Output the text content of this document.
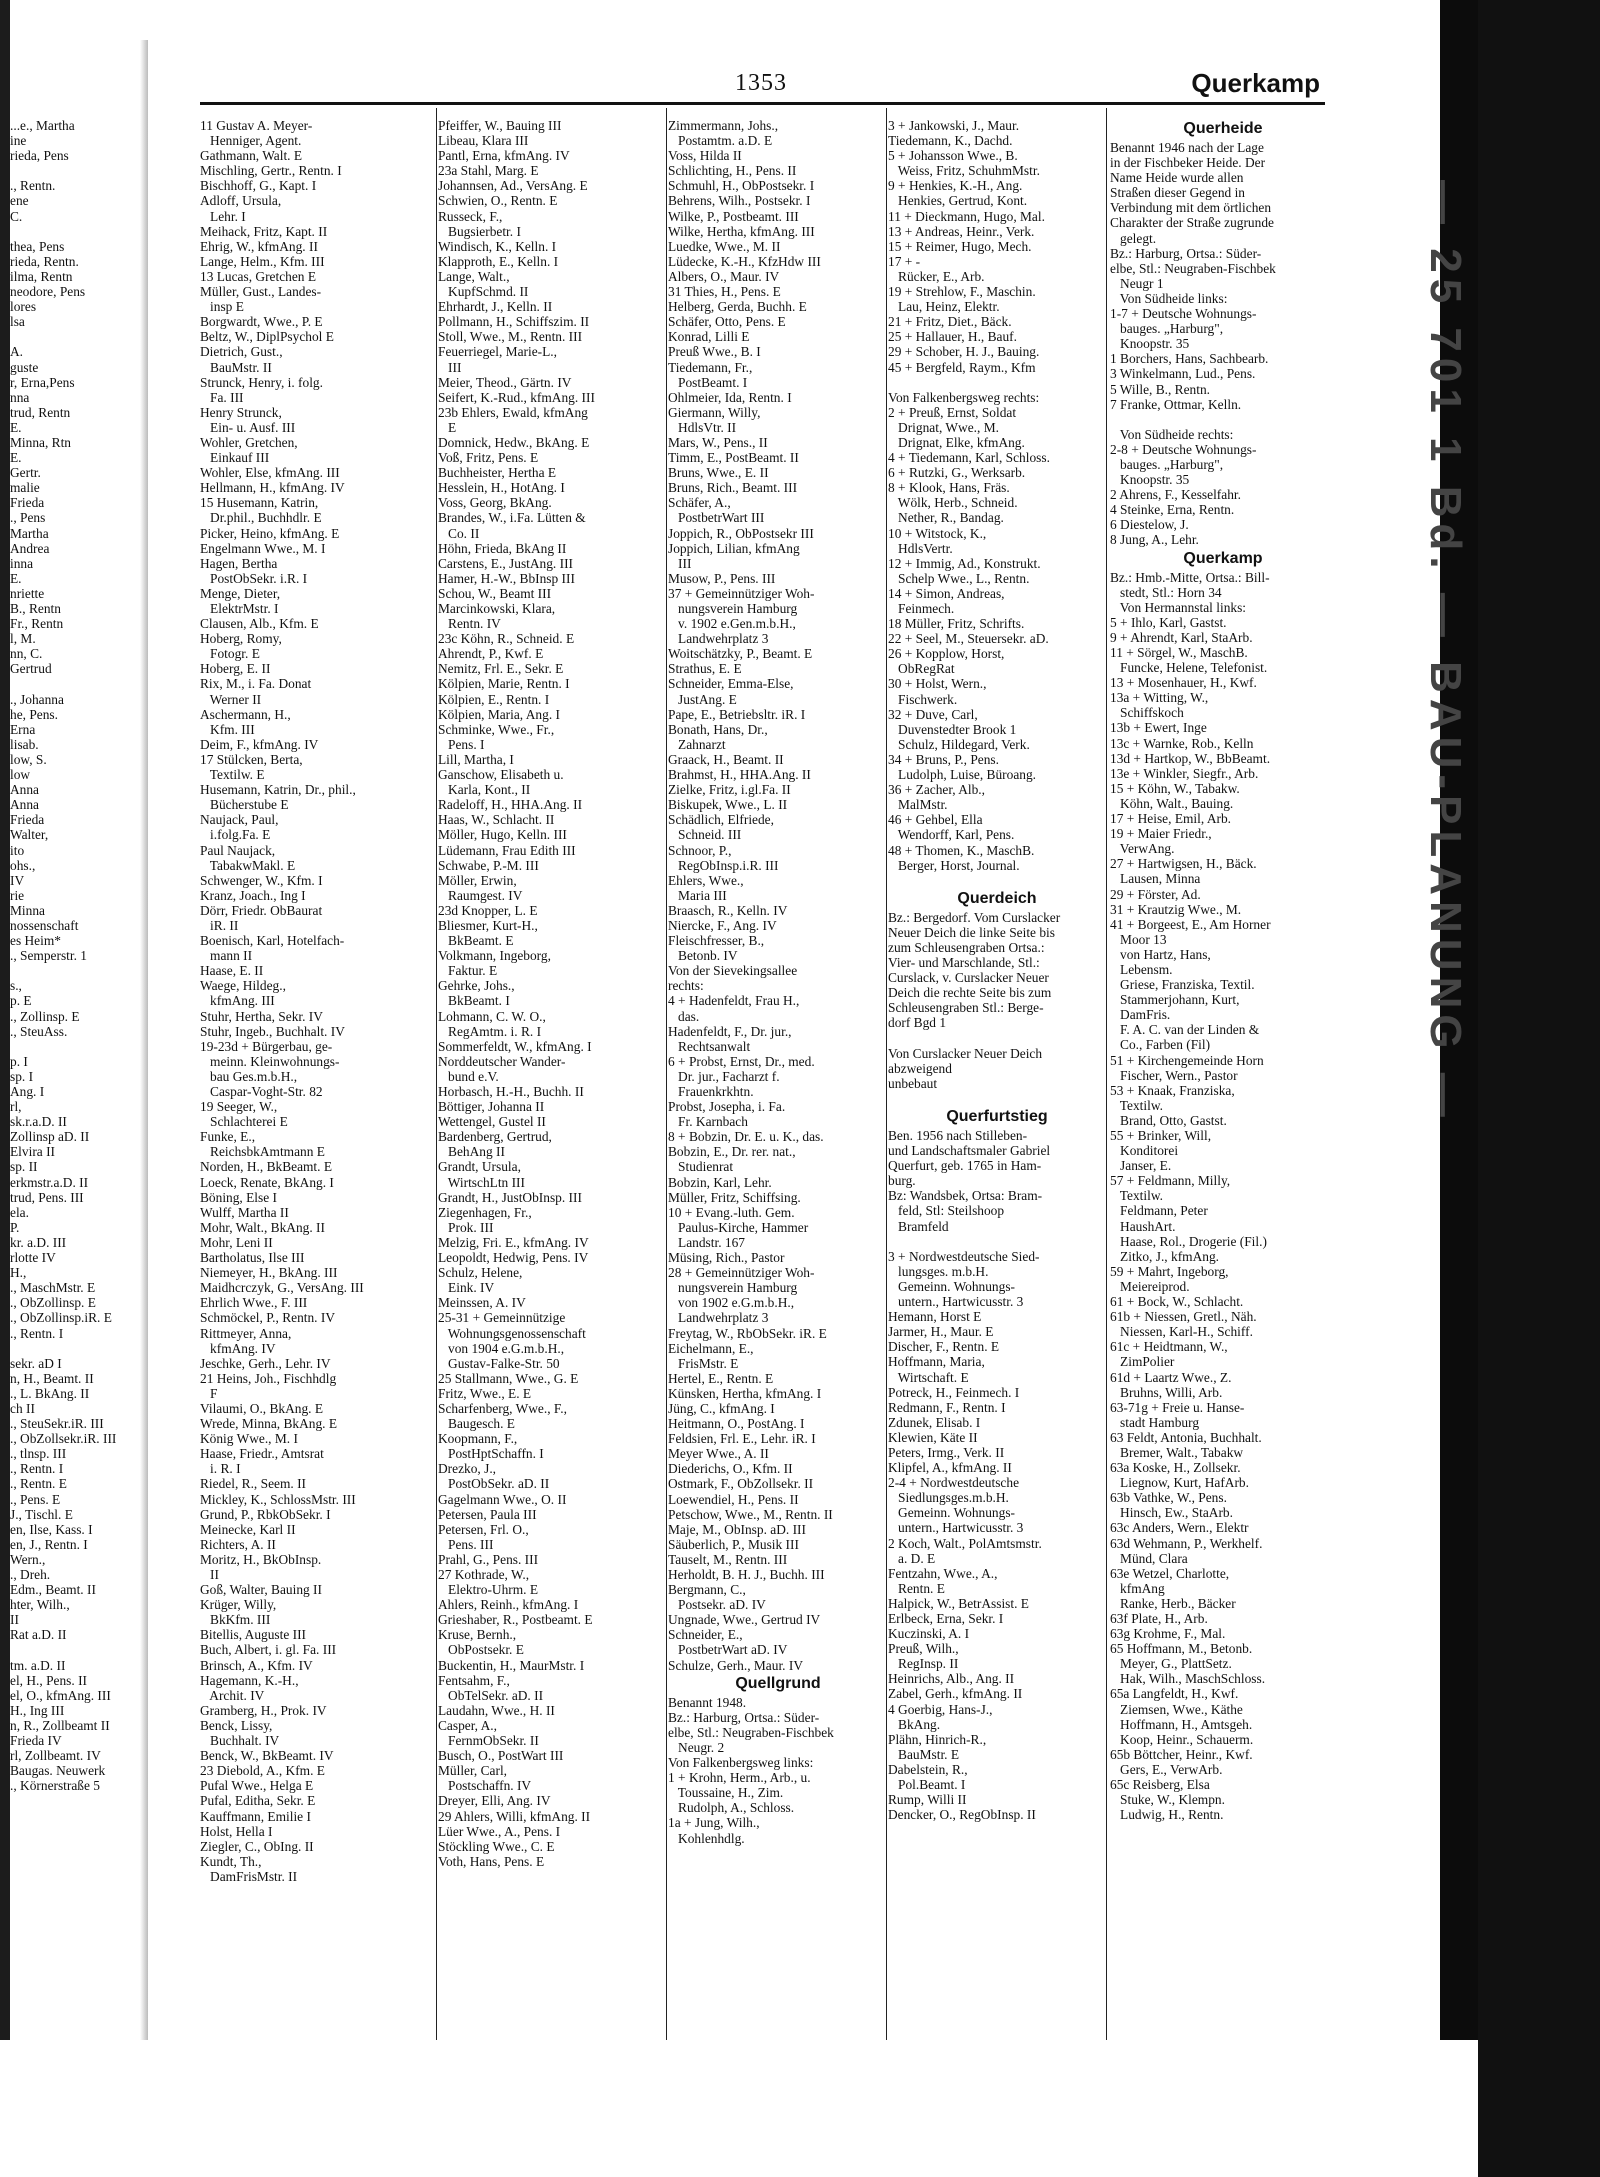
— 25 701 1 Bd. — BAU-PLANUNG —
1353	Querkamp
...e., Martha
ine
rieda, Pens
., Rentn.
ene
C.
thea, Pens
rieda, Rentn.
ilma, Rentn
neodore, Pens
lores
lsa
A.
guste
r, Erna,Pens
nna
trud, Rentn
E.
Minna, Rtn
E.
Gertr.
malie
Frieda
., Pens
Martha
Andrea
inna
E.
nriette
B., Rentn
Fr., Rentn
l, M.
nn, C.
Gertrud
., Johanna
he, Pens.
Erna
lisab.
low, S.
low
Anna
Anna
Frieda
Walter,
ito
ohs.,
IV
rie
Minna
nossenschaft
es Heim*
., Semperstr. 1
s.,
p. E
., Zollinsp. E
., SteuAss.
p. I
sp. I
Ang. I
rl,
sk.r.a.D. II
Zollinsp aD. II
Elvira II
sp. II
erkmstr.a.D. II
trud, Pens. III
ela.
P.
kr. a.D. III
rlotte IV
H.,
., MaschMstr. E
., ObZollinsp. E
., ObZollinsp.iR. E
., Rentn. I
sekr. aD I
n, H., Beamt. II
., L. BkAng. II
ch II
., SteuSekr.iR. III
., ObZollsekr.iR. III
., tlnsp. III
., Rentn. I
., Rentn. E
., Pens. E
J., Tischl. E
en, Ilse, Kass. I
en, J., Rentn. I
Wern.,
., Dreh.
Edm., Beamt. II
hter, Wilh.,
II
Rat a.D. II
tm. a.D. II
el, H., Pens. II
el, O., kfmAng. III
H., Ing III
n, R., Zollbeamt II
Frieda IV
rl, Zollbeamt. IV
Baugas. Neuwerk
., Körnerstraße 5
11 Gustav A. Meyer-
Henniger, Agent.
Gathmann, Walt. E
Mischling, Gertr., Rentn. I
Bischhoff, G., Kapt. I
Adloff, Ursula,
Lehr. I
Meihack, Fritz, Kapt. II
Ehrig, W., kfmAng. II
Lange, Helm., Kfm. III
13 Lucas, Gretchen E
Müller, Gust., Landes-
insp E
Borgwardt, Wwe., P. E
Beltz, W., DiplPsychol E
Dietrich, Gust.,
BauMstr. II
Strunck, Henry, i. folg.
Fa. III
Henry Strunck,
Ein- u. Ausf. III
Wohler, Gretchen,
Einkauf III
Wohler, Else, kfmAng. III
Hellmann, H., kfmAng. IV
15 Husemann, Katrin,
Dr.phil., Buchhdlr. E
Picker, Heino, kfmAng. E
Engelmann Wwe., M. I
Hagen, Bertha
PostObSekr. i.R. I
Menge, Dieter,
ElektrMstr. I
Clausen, Alb., Kfm. E
Hoberg, Romy,
Fotogr. E
Hoberg, E. II
Rix, M., i. Fa. Donat
Werner II
Aschermann, H.,
Kfm. III
Deim, F., kfmAng. IV
17 Stülcken, Berta,
Textilw. E
Husemann, Katrin, Dr., phil.,
Bücherstube E
Naujack, Paul,
i.folg.Fa. E
Paul Naujack,
TabakwMakl. E
Schwenger, W., Kfm. I
Kranz, Joach., Ing I
Dörr, Friedr. ObBaurat
iR. II
Boenisch, Karl, Hotelfach-
mann II
Haase, E. II
Waege, Hildeg.,
kfmAng. III
Stuhr, Hertha, Sekr. IV
Stuhr, Ingeb., Buchhalt. IV
19-23d + Bürgerbau, ge-
meinn. Kleinwohnungs-
bau Ges.m.b.H.,
Caspar-Voght-Str. 82
19 Seeger, W.,
Schlachterei E
Funke, E.,
ReichsbkAmtmann E
Norden, H., BkBeamt. E
Loeck, Renate, BkAng. I
Böning, Else I
Wulff, Martha II
Mohr, Walt., BkAng. II
Mohr, Leni II
Bartholatus, Ilse III
Niemeyer, H., BkAng. III
Maidhcrczyk, G., VersAng. III
Ehrlich Wwe., F. III
Schmöckel, P., Rentn. IV
Rittmeyer, Anna,
kfmAng. IV
Jeschke, Gerh., Lehr. IV
21 Heins, Joh., Fischhdlg
F
Vilaumi, O., BkAng. E
Wrede, Minna, BkAng. E
König Wwe., M. I
Haase, Friedr., Amtsrat
i. R. I
Riedel, R., Seem. II
Mickley, K., SchlossMstr. III
Grund, P., RbkObSekr. I
Meinecke, Karl II
Richters, A. II
Moritz, H., BkObInsp.
II
Goß, Walter, Bauing II
Krüger, Willy,
BkKfm. III
Bitellis, Auguste III
Buch, Albert, i. gl. Fa. III
Brinsch, A., Kfm. IV
Hagemann, K.-H.,
Archit. IV
Gramberg, H., Prok. IV
Benck, Lissy,
Buchhalt. IV
Benck, W., BkBeamt. IV
23 Diebold, A., Kfm. E
Pufal Wwe., Helga E
Pufal, Editha, Sekr. E
Kauffmann, Emilie I
Holst, Hella I
Ziegler, C., ObIng. II
Kundt, Th.,
DamFrisMstr. II
Pfeiffer, W., Bauing III
Libeau, Klara III
Pantl, Erna, kfmAng. IV
23a Stahl, Marg. E
Johannsen, Ad., VersAng. E
Schwien, O., Rentn. E
Russeck, F.,
Bugsierbetr. I
Windisch, K., Kelln. I
Klapproth, E., Kelln. I
Lange, Walt.,
KupfSchmd. II
Ehrhardt, J., Kelln. II
Pollmann, H., Schiffszim. II
Stoll, Wwe., M., Rentn. III
Feuerriegel, Marie-L.,
III
Meier, Theod., Gärtn. IV
Seifert, K.-Rud., kfmAng. III
23b Ehlers, Ewald, kfmAng
E
Domnick, Hedw., BkAng. E
Voß, Fritz, Pens. E
Buchheister, Hertha E
Hesslein, H., HotAng. I
Voss, Georg, BkAng.
Brandes, W., i.Fa. Lütten &
Co. II
Höhn, Frieda, BkAng II
Carstens, E., JustAng. III
Hamer, H.-W., BbInsp III
Schou, W., Beamt III
Marcinkowski, Klara,
Rentn. IV
23c Köhn, R., Schneid. E
Ahrendt, P., Kwf. E
Nemitz, Frl. E., Sekr. E
Kölpien, Marie, Rentn. I
Kölpien, E., Rentn. I
Kölpien, Maria, Ang. I
Schminke, Wwe., Fr.,
Pens. I
Lill, Martha, I
Ganschow, Elisabeth u.
Karla, Kont., II
Radeloff, H., HHA.Ang. II
Haas, W., Schlacht. II
Möller, Hugo, Kelln. III
Lüdemann, Frau Edith III
Schwabe, P.-M. III
Möller, Erwin,
Raumgest. IV
23d Knopper, L. E
Bliesmer, Kurt-H.,
BkBeamt. E
Volkmann, Ingeborg,
Faktur. E
Gehrke, Johs.,
BkBeamt. I
Lohmann, C. W. O.,
RegAmtm. i. R. I
Sommerfeldt, W., kfmAng. I
Norddeutscher Wander-
bund e.V.
Horbasch, H.-H., Buchh. II
Böttiger, Johanna II
Wettengel, Gustel II
Bardenberg, Gertrud,
BehAng II
Grandt, Ursula,
WirtschLtn III
Grandt, H., JustObInsp. III
Ziegenhagen, Fr.,
Prok. III
Melzig, Fri. E., kfmAng. IV
Leopoldt, Hedwig, Pens. IV
Schulz, Helene,
Eink. IV
Meinssen, A. IV
25-31 + Gemeinnützige
Wohnungsgenossenschaft
von 1904 e.G.m.b.H.,
Gustav-Falke-Str. 50
25 Stallmann, Wwe., G. E
Fritz, Wwe., E. E
Scharfenberg, Wwe., F.,
Baugesch. E
Koopmann, F.,
PostHptSchaffn. I
Drezko, J.,
PostObSekr. aD. II
Gagelmann Wwe., O. II
Petersen, Paula III
Petersen, Frl. O.,
Pens. III
Prahl, G., Pens. III
27 Kothrade, W.,
Elektro-Uhrm. E
Ahlers, Reinh., kfmAng. I
Grieshaber, R., Postbeamt. E
Kruse, Bernh.,
ObPostsekr. E
Buckentin, H., MaurMstr. I
Fentsahm, F.,
ObTelSekr. aD. II
Laudahn, Wwe., H. II
Casper, A.,
FernmObSekr. II
Busch, O., PostWart III
Müller, Carl,
Postschaffn. IV
Dreyer, Elli, Ang. IV
29 Ahlers, Willi, kfmAng. II
Lüer Wwe., A., Pens. I
Stöckling Wwe., C. E
Voth, Hans, Pens. E
Zimmermann, Johs.,
Postamtm. a.D. E
Voss, Hilda II
Schlichting, H., Pens. II
Schmuhl, H., ObPostsekr. I
Behrens, Wilh., Postsekr. I
Wilke, P., Postbeamt. III
Wilke, Hertha, kfmAng. III
Luedke, Wwe., M. II
Lüdecke, K.-H., KfzHdw III
Albers, O., Maur. IV
31 Thies, H., Pens. E
Helberg, Gerda, Buchh. E
Schäfer, Otto, Pens. E
Konrad, Lilli E
Preuß Wwe., B. I
Tiedemann, Fr.,
PostBeamt. I
Ohlmeier, Ida, Rentn. I
Giermann, Willy,
HdlsVtr. II
Mars, W., Pens., II
Timm, E., PostBeamt. II
Bruns, Wwe., E. II
Bruns, Rich., Beamt. III
Schäfer, A.,
PostbetrWart III
Joppich, R., ObPostsekr III
Joppich, Lilian, kfmAng
III
Musow, P., Pens. III
37 + Gemeinnütziger Woh-
nungsverein Hamburg
v. 1902 e.Gen.m.b.H.,
Landwehrplatz 3
Woitschätzky, P., Beamt. E
Strathus, E. E
Schneider, Emma-Else,
JustAng. E
Pape, E., Betriebsltr. iR. I
Bonath, Hans, Dr.,
Zahnarzt
Graack, H., Beamt. II
Brahmst, H., HHA.Ang. II
Zielke, Fritz, i.gl.Fa. II
Biskupek, Wwe., L. II
Schädlich, Elfriede,
Schneid. III
Schnoor, P.,
RegObInsp.i.R. III
Ehlers, Wwe.,
Maria III
Braasch, R., Kelln. IV
Niercke, F., Ang. IV
Fleischfresser, B.,
Betonb. IV
Von der Sievekingsallee
rechts:
4 + Hadenfeldt, Frau H.,
das.
Hadenfeldt, F., Dr. jur.,
Rechtsanwalt
6 + Probst, Ernst, Dr., med.
Dr. jur., Facharzt f.
Frauenkrkhtn.
Probst, Josepha, i. Fa.
Fr. Karnbach
8 + Bobzin, Dr. E. u. K., das.
Bobzin, E., Dr. rer. nat.,
Studienrat
Bobzin, Karl, Lehr.
Müller, Fritz, Schiffsing.
10 + Evang.-luth. Gem.
Paulus-Kirche, Hammer
Landstr. 167
Müsing, Rich., Pastor
28 + Gemeinnütziger Woh-
nungsverein Hamburg
von 1902 e.G.m.b.H.,
Landwehrplatz 3
Freytag, W., RbObSekr. iR. E
Eichelmann, E.,
FrisMstr. E
Hertel, E., Rentn. E
Künsken, Hertha, kfmAng. I
Jüng, C., kfmAng. I
Heitmann, O., PostAng. I
Feldsien, Frl. E., Lehr. iR. I
Meyer Wwe., A. II
Diederichs, O., Kfm. II
Ostmark, F., ObZollsekr. II
Loewendiel, H., Pens. II
Petschow, Wwe., M., Rentn. II
Maje, M., ObInsp. aD. III
Säuberlich, P., Musik III
Tauselt, M., Rentn. III
Herholdt, B. H. J., Buchh. III
Bergmann, C.,
Postsekr. aD. IV
Ungnade, Wwe., Gertrud IV
Schneider, E.,
PostbetrWart aD. IV
Schulze, Gerh., Maur. IV
Quellgrund
Benannt 1948.
Bz.: Harburg, Ortsa.: Süder-
elbe, Stl.: Neugraben-Fischbek
Neugr. 2
Von Falkenbergsweg links:
1 + Krohn, Herm., Arb., u.
Toussaine, H., Zim.
Rudolph, A., Schloss.
1a + Jung, Wilh.,
Kohlenhdlg.
3 + Jankowski, J., Maur.
Tiedemann, K., Dachd.
5 + Johansson Wwe., B.
Weiss, Fritz, SchuhmMstr.
9 + Henkies, K.-H., Ang.
Henkies, Gertrud, Kont.
11 + Dieckmann, Hugo, Mal.
13 + Andreas, Heinr., Verk.
15 + Reimer, Hugo, Mech.
17 + -
Rücker, E., Arb.
19 + Strehlow, F., Maschin.
Lau, Heinz, Elektr.
21 + Fritz, Diet., Bäck.
25 + Hallauer, H., Bauf.
29 + Schober, H. J., Bauing.
45 + Bergfeld, Raym., Kfm
Von Falkenbergsweg rechts:
2 + Preuß, Ernst, Soldat
Drignat, Wwe., M.
Drignat, Elke, kfmAng.
4 + Tiedemann, Karl, Schloss.
6 + Rutzki, G., Werksarb.
8 + Klook, Hans, Fräs.
Wölk, Herb., Schneid.
Nether, R., Bandag.
10 + Witstock, K.,
HdlsVertr.
12 + Immig, Ad., Konstrukt.
Schelp Wwe., L., Rentn.
14 + Simon, Andreas,
Feinmech.
18 Müller, Fritz, Schrifts.
22 + Seel, M., Steuersekr. aD.
26 + Kopplow, Horst,
ObRegRat
30 + Holst, Wern.,
Fischwerk.
32 + Duve, Carl,
Duvenstedter Brook 1
Schulz, Hildegard, Verk.
34 + Bruns, P., Pens.
Ludolph, Luise, Büroang.
36 + Zacher, Alb.,
MalMstr.
46 + Gehbel, Ella
Wendorff, Karl, Pens.
48 + Thomen, K., MaschB.
Berger, Horst, Journal.
Querdeich
Bz.: Bergedorf. Vom Curslacker
Neuer Deich die linke Seite bis
zum Schleusengraben Ortsa.:
Vier- und Marschlande, Stl.:
Curslack, v. Curslacker Neuer
Deich die rechte Seite bis zum
Schleusengraben Stl.: Berge-
dorf Bgd 1
Von Curslacker Neuer Deich
abzweigend
unbebaut
Querfurtstieg
Ben. 1956 nach Stilleben-
und Landschaftsmaler Gabriel
Querfurt, geb. 1765 in Ham-
burg.
Bz: Wandsbek, Ortsa: Bram-
feld, Stl: Steilshoop
Bramfeld
3 + Nordwestdeutsche Sied-
lungsges. m.b.H.
Gemeinn. Wohnungs-
untern., Hartwicusstr. 3
Hemann, Horst E
Jarmer, H., Maur. E
Discher, F., Rentn. E
Hoffmann, Maria,
Wirtschaft. E
Potreck, H., Feinmech. I
Redmann, F., Rentn. I
Zdunek, Elisab. I
Klewien, Käte II
Peters, Irmg., Verk. II
Klipfel, A., kfmAng. II
2-4 + Nordwestdeutsche
Siedlungsges.m.b.H.
Gemeinn. Wohnungs-
untern., Hartwicusstr. 3
2 Koch, Walt., PolAmtsmstr.
a. D. E
Fentzahn, Wwe., A.,
Rentn. E
Halpick, W., BetrAssist. E
Erlbeck, Erna, Sekr. I
Kuczinski, A. I
Preuß, Wilh.,
RegInsp. II
Heinrichs, Alb., Ang. II
Zabel, Gerh., kfmAng. II
4 Goerbig, Hans-J.,
BkAng.
Plähn, Hinrich-R.,
BauMstr. E
Dabelstein, R.,
Pol.Beamt. I
Rump, Willi II
Dencker, O., RegObInsp. II
Querheide
Benannt 1946 nach der Lage
in der Fischbeker Heide. Der
Name Heide wurde allen
Straßen dieser Gegend in
Verbindung mit dem örtlichen
Charakter der Straße zugrunde
gelegt.
Bz.: Harburg, Ortsa.: Süder-
elbe, Stl.: Neugraben-Fischbek
Neugr 1
Von Südheide links:
1-7 + Deutsche Wohnungs-
bauges. „Harburg",
Knoopstr. 35
1 Borchers, Hans, Sachbearb.
3 Winkelmann, Lud., Pens.
5 Wille, B., Rentn.
7 Franke, Ottmar, Kelln.
Von Südheide rechts:
2-8 + Deutsche Wohnungs-
bauges. „Harburg",
Knoopstr. 35
2 Ahrens, F., Kesselfahr.
4 Steinke, Erna, Rentn.
6 Diestelow, J.
8 Jung, A., Lehr.
Querkamp
Bz.: Hmb.-Mitte, Ortsa.: Bill-
stedt, Stl.: Horn 34
Von Hermannstal links:
5 + Ihlo, Karl, Gastst.
9 + Ahrendt, Karl, StaArb.
11 + Sörgel, W., MaschB.
Funcke, Helene, Telefonist.
13 + Mosenhauer, H., Kwf.
13a + Witting, W.,
Schiffskoch
13b + Ewert, Inge
13c + Warnke, Rob., Kelln
13d + Hartkop, W., BbBeamt.
13e + Winkler, Siegfr., Arb.
15 + Köhn, W., Tabakw.
Köhn, Walt., Bauing.
17 + Heise, Emil, Arb.
19 + Maier Friedr.,
VerwAng.
27 + Hartwigsen, H., Bäck.
Lausen, Minna
29 + Förster, Ad.
31 + Krautzig Wwe., M.
41 + Borgeest, E., Am Horner
Moor 13
von Hartz, Hans,
Lebensm.
Griese, Franziska, Textil.
Stammerjohann, Kurt,
DamFris.
F. A. C. van der Linden &
Co., Farben (Fil)
51 + Kirchengemeinde Horn
Fischer, Wern., Pastor
53 + Knaak, Franziska,
Textilw.
Brand, Otto, Gastst.
55 + Brinker, Will,
Konditorei
Janser, E.
57 + Feldmann, Milly,
Textilw.
Feldmann, Peter
HaushArt.
Haase, Rol., Drogerie (Fil.)
Zitko, J., kfmAng.
59 + Mahrt, Ingeborg,
Meiereiprod.
61 + Bock, W., Schlacht.
61b + Niessen, Gretl., Näh.
Niessen, Karl-H., Schiff.
61c + Heidtmann, W.,
ZimPolier
61d + Laartz Wwe., Z.
Bruhns, Willi, Arb.
63-71g + Freie u. Hanse-
stadt Hamburg
63 Feldt, Antonia, Buchhalt.
Bremer, Walt., Tabakw
63a Koske, H., Zollsekr.
Liegnow, Kurt, HafArb.
63b Vathke, W., Pens.
Hinsch, Ew., StaArb.
63c Anders, Wern., Elektr
63d Wehmann, P., Werkhelf.
Münd, Clara
63e Wetzel, Charlotte,
kfmAng
Ranke, Herb., Bäcker
63f Plate, H., Arb.
63g Krohme, F., Mal.
65 Hoffmann, M., Betonb.
Meyer, G., PlattSetz.
Hak, Wilh., MaschSchloss.
65a Langfeldt, H., Kwf.
Ziemsen, Wwe., Käthe
Hoffmann, H., Amtsgeh.
Koop, Heinr., Schauerm.
65b Böttcher, Heinr., Kwf.
Gers, E., VerwArb.
65c Reisberg, Elsa
Stuke, W., Klempn.
Ludwig, H., Rentn.
